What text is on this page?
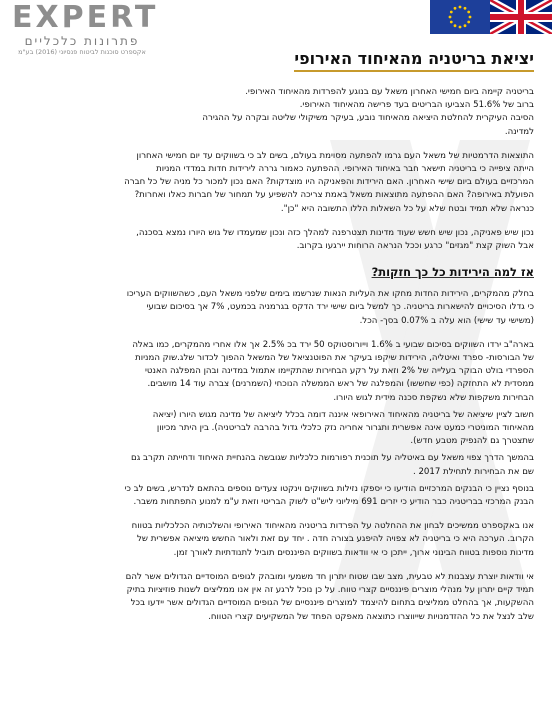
EXPERT
פתרונות כלכליים
אקספרט סוכנות לביטוח פנסיוני (2016) בע"מ	יציאת בריטניה מהאיחוד האירופי

בריטניה קיימה ביום חמישי האחרון משאל עם בנוגע להפרדות מהאיחוד האירופי.
ברוב של 51.6% הצביעו הבריטים בעד פרישה מהאיחוד האירופי.
הסיבה העיקרית להחלטת היציאה מהאיחוד נובע, בעיקר משיקולי שליטה ובקרה על ההגירה
למדינה.

התוצאות הדרמטיות של משאל העם גרמו להפתעה מסוימת בעולם, בשים לב כי בשווקים עד יום חמישי האחרון
הייתה ציפייה כי בריטניה תישאר חבר באיחוד האירופי. ההפתעה כאמור גררה לירידות חדות במדדי המניות
המרכזיים בעולם ביום שישי האחרון. האם הירידות והפאניקה היו מוצדקות? האם נכון למכור כל מניה של כל חברה
הפועלת באירופה? האם ההפתעה מתוצאות משאל באמת צריכה להשפיע על תמחור של חברות כאלו ואחרות?
כנראה שלא תמיד ובטח שלא על כל השאלות הללו התשובה היא "כן".

נכון שיש פאניקה, נכון שיש חשש שעוד מדינות תצטרפנה למהלך כזה ונכון שמעמדו של גוש היורו נמצא בסכנה,
אבל השוק קצת "מגזים" כרגע וככל הנראה הרוחות יירגעו בקרוב.

אז למה הירידות כל כך חזקות?

בחלק מהמקרים, הירידות החדות מחקו את העליות הנאות שנרשמו בימים שלפני משאל העם, כשהשווקים העריכו
כי גדלו הסיכויים להישארות בריטניה. כך למשל ביום שישי ירד הדקס בגרמניה בכמעט, 7% אך בסיכום שבועי
(משישי עד שישי) הוא עלה ב 0.07% בסך- הכל.

בארה"ב ירדו השווקים בסיכום שבועי ב 1.6% וייורוסטוקס 50 ירד בכ 2.5% אך אלו אחרי מהמקרים, כמו באלה
של הבורסות- ספרד ואיטליה, הירידות שיקפו בעיקר את הפוטנציאל של המשאל ההפוך לכדור שלג.שוק המניות
הספרדי בולט הבוקר בעלייה של 2% וזאת על רקע הבחירות שהתקיימו אתמול במדינה ובהן המפלגה האנטי
ממסדית לא התחזקה (כפי שחששו) והמפלגה של ראש הממשלה הנוכחי (השמרנים) צברה עוד 14 מושבים.
הבחירות משקפות שלא נשקפת סכנה מידית לגוש היורו.

חשוב לציין שיציאה של בריטניה מהאיחוד האירופאי איננה דומה בכלל ליציאה של מדינה מגוש היורו (יציאה
מהאיחוד המוניטרי כמעט אינה אפשרית ותגרור אחריה נזק כלכלי גדול בהרבה לבריטניה). בין היתר מכיוון
שתצטרך גם להנפיק מטבע חדש).

בהמשך הדרך צפוי משאל עם באיטליה על תוכנית רפורמות כלכליות שגובשה בהנחיית האיחוד ודחייתה תקרב גם
שם את הבחירות לתחילת 2017 .

בנוסף נציין כי הבנקים המרכזיים הודיעו כי יספקו נזילות בשווקים וינקטו צעדים נוספים בהתאם לנדרש, בשים לב כי
הבנק המרכזי בבריטניה כבר הודיע כי יזרים 691 מיליוני ליש"ט לשוק הבריטי וזאת ע"מ למנוע התפתחות משבר.

אנו באקספרט ממשיכים לבחון את ההחלטה על הפרדות בריטניה מהאיחוד האירופי והשלכותיה הכלכליות בטווח
הקרוב. הערכה היא כי בריטניה לא צפויה להיפגע בצורה חדה . יחד עם זאת ולאור החשש מיציאה אפשרית של
מדינות נוספות בטווח הבינוני ארוך, ייתכן כי אי וודאות בשווקים הפיננסים תוביל לתנודתיות לאורך זמן.

אי וודאות יוצרת עצבנות לא טבעית, מצב שבו שטוח יתרון חד משמעי ומובהק לגופים המוסדיים הגדולים אשר להם
תמיד קיים יתרון על מנהלי מוצרים פיננסיים קצרי טווח. על כן נוכל לרגע זה אין אנו ממליצים לשנות פוזיציות בתיק
ההשקעות, אך בהחלט ממליצים בתחום להיצמד למוצרים פיננסיים של הגופים המוסדיים הגדולים אשר יידעו בכל
שלב לנצל את כל ההזדמנויות שייווצרו כתוצאה מאפקט הפחד של המשקיעים קצרי הטווח.
